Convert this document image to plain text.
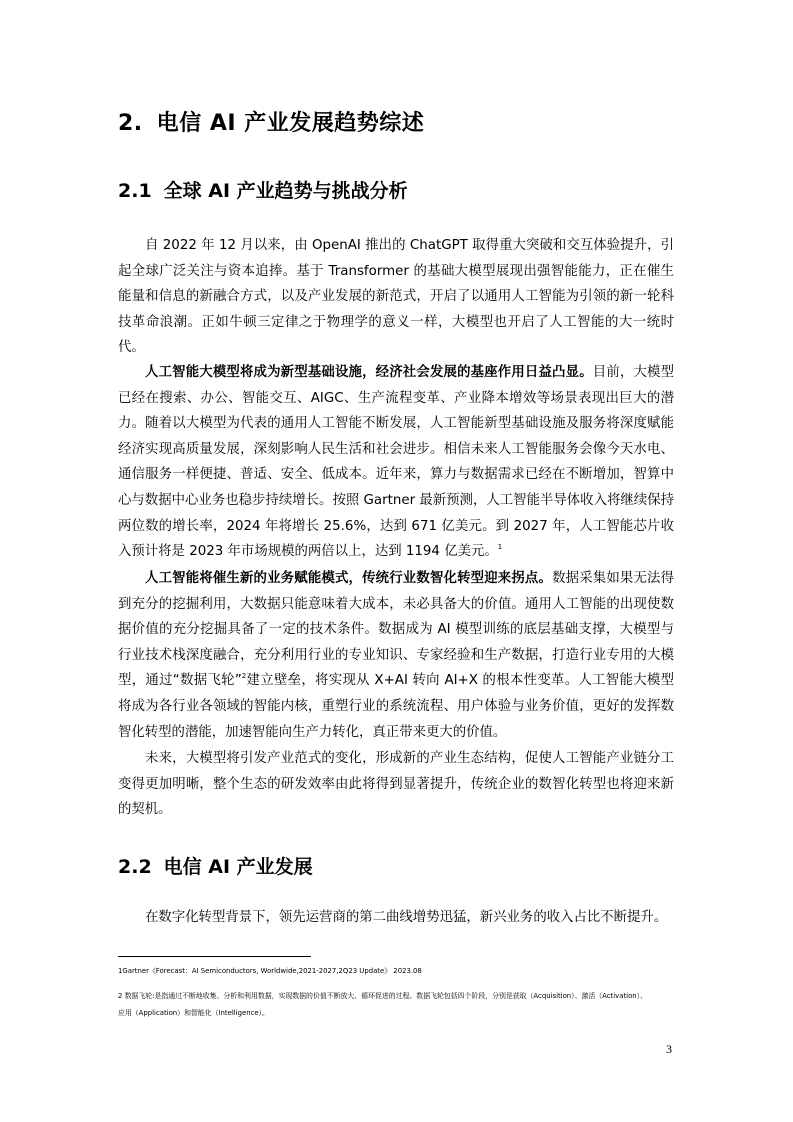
2. 电信 AI 产业发展趋势综述
2.1 全球 AI 产业趋势与挑战分析

自 2022 年 12 月以来，由 OpenAI 推出的 ChatGPT 取得重大突破和交互体验提升，引起全球广泛关注与资本追捧。基于 Transformer 的基础大模型展现出强智能能力，正在催生能量和信息的新融合方式，以及产业发展的新范式，开启了以通用人工智能为引领的新一轮科技革命浪潮。正如牛顿三定律之于物理学的意义一样，大模型也开启了人工智能的大一统时代。

人工智能大模型将成为新型基础设施，经济社会发展的基座作用日益凸显。目前，大模型已经在搜索、办公、智能交互、AIGC、生产流程变革、产业降本增效等场景表现出巨大的潜力。随着以大模型为代表的通用人工智能不断发展，人工智能新型基础设施及服务将深度赋能经济实现高质量发展，深刻影响人民生活和社会进步。相信未来人工智能服务会像今天水电、通信服务一样便捷、普适、安全、低成本。近年来，算力与数据需求已经在不断增加，智算中心与数据中心业务也稳步持续增长。按照 Gartner 最新预测，人工智能半导体收入将继续保持两位数的增长率，2024 年将增长 25.6%，达到 671 亿美元。到 2027 年，人工智能芯片收入预计将是 2023 年市场规模的两倍以上，达到 1194 亿美元。$^1$

人工智能将催生新的业务赋能模式，传统行业数智化转型迎来拐点。数据采集如果无法得到充分的挖掘利用，大数据只能意味着大成本，未必具备大的价值。通用人工智能的出现使数据价值的充分挖掘具备了一定的技术条件。数据成为 AI 模型训练的底层基础支撑，大模型与行业技术栈深度融合，充分利用行业的专业知识、专家经验和生产数据，打造行业专用的大模型，通过“数据飞轮”$^2$建立壁垒，将实现从 X+AI 转向 AI+X 的根本性变革。人工智能大模型将成为各行业各领域的智能内核，重塑行业的系统流程、用户体验与业务价值，更好的发挥数智化转型的潜能，加速智能向生产力转化，真正带来更大的价值。

未来，大模型将引发产业范式的变化，形成新的产业生态结构，促使人工智能产业链分工变得更加明晰，整个生态的研发效率由此将得到显著提升，传统企业的数智化转型也将迎来新的契机。

2.2 电信 AI 产业发展

在数字化转型背景下，领先运营商的第二曲线增势迅猛，新兴业务的收入占比不断提升。

1Gartner《Forecast：AI Semiconductors, Worldwide,2021-2027,2Q23 Update》 2023.08
2 数据飞轮:是指通过不断地收集、分析和利用数据，实现数据的价值不断放大、循环促进的过程。数据飞轮包括四个阶段，分别是获取（Acquisition）、激活（Activation）、
应用（Application）和智能化（Intelligence）。
3
